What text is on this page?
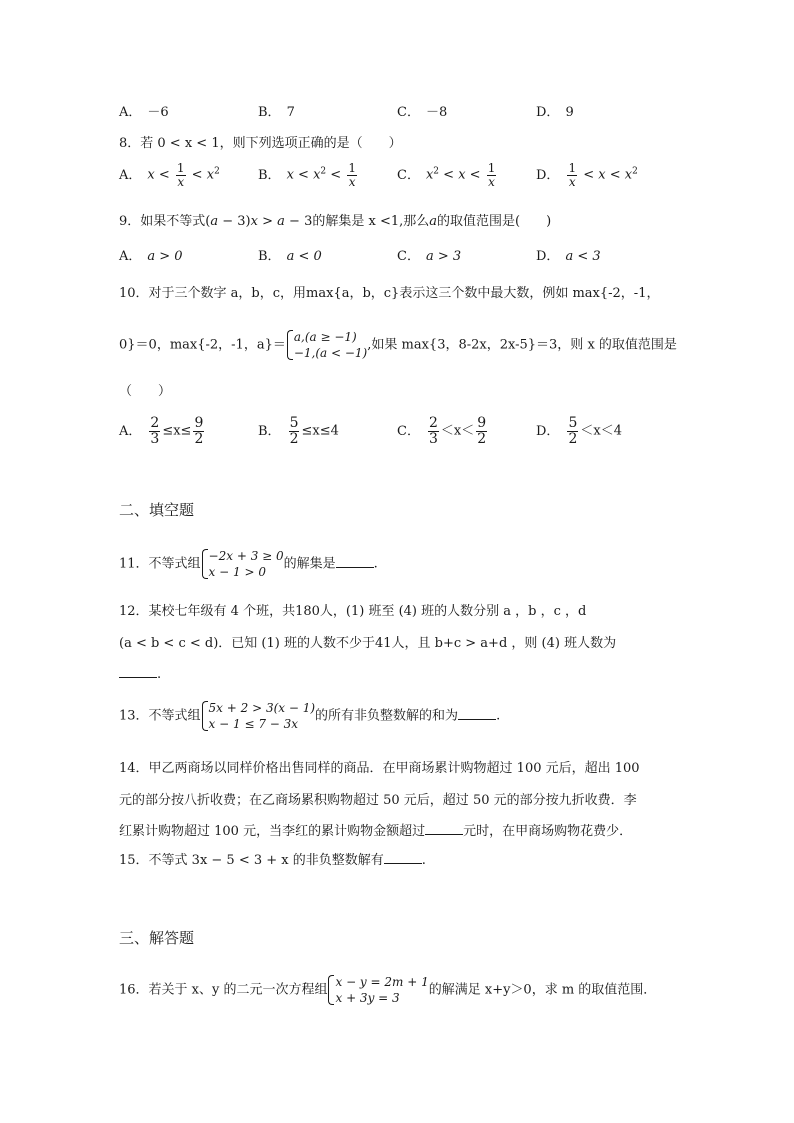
A． －6	B． 7	C． －8	D． 9
8．若 0 < x < 1，则下列选项正确的是（　　）
A． $x < \frac{1}{x} < x^2$	B． $x < x^2 < \frac{1}{x}$	C． $x^2 < x < \frac{1}{x}$	D． $\frac{1}{x} < x < x^2$
9．如果不等式(a − 3)x > a − 3的解集是 x <1,那么a的取值范围是(　　)
A． a > 0	B． a < 0	C． a > 3	D． a < 3
10．对于三个数字 a，b，c，用max{a，b，c}表示这三个数中最大数，例如 max{-2，-1，
0}＝0，max{-2，-1，a}＝
a,(a ≥ −1)
−1,(a < −1)
,如果 max{3，8-2x，2x-5}＝3，则 x 的取值范围是
（　　）
A． $\frac{2}{3} \le x\le \frac{9}{2}$	B． $\frac{5}{2} \le x\le 4$	C． $\frac{2}{3} <x< \frac{9}{2}$	D． $\frac{5}{2} <x<4$
二、填空题
11．不等式组
−2x + 3 ≥ 0
x − 1 > 0
的解集是	.
12．某校七年级有 4 个班，共180人，(1) 班至 (4) 班的人数分别 a ，b ，c ，d
(a < b < c < d)．已知 (1) 班的人数不少于41人，且 b+c > a+d ，则 (4) 班人数为
.
13．不等式组
5x + 2 > 3(x − 1)
x − 1 ≤ 7 − 3x
的所有非负整数解的和为	.
14．甲乙两商场以同样价格出售同样的商品．在甲商场累计购物超过 100 元后，超出 100
元的部分按八折收费；在乙商场累积购物超过 50 元后，超过 50 元的部分按九折收费．李
红累计购物超过 100 元，当李红的累计购物金额超过	元时，在甲商场购物花费少．
15．不等式 3x − 5 < 3 + x 的非负整数解有	.
三、解答题
16．若关于 x、y 的二元一次方程组
x − y = 2m + 1
x + 3y = 3
的解满足 x+y＞0，求 m 的取值范围．
